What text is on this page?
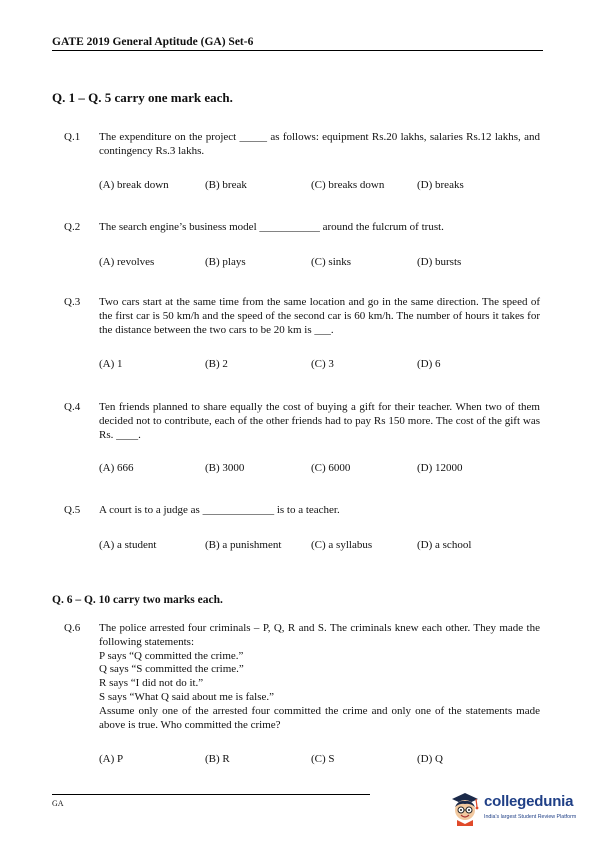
GATE 2019 General Aptitude (GA) Set-6
Q. 1 – Q. 5 carry one mark each.
Q.1 The expenditure on the project _____ as follows: equipment Rs.20 lakhs, salaries Rs.12 lakhs, and contingency Rs.3 lakhs.
(A) break down	(B) break	(C) breaks down	(D) breaks
Q.2 The search engine’s business model ___________ around the fulcrum of trust.
(A) revolves	(B) plays	(C) sinks	(D) bursts
Q.3 Two cars start at the same time from the same location and go in the same direction. The speed of the first car is 50 km/h and the speed of the second car is 60 km/h. The number of hours it takes for the distance between the two cars to be 20 km is ___.
(A) 1	(B) 2	(C) 3	(D) 6
Q.4 Ten friends planned to share equally the cost of buying a gift for their teacher. When two of them decided not to contribute, each of the other friends had to pay Rs 150 more. The cost of the gift was Rs. ____.
(A) 666	(B) 3000	(C) 6000	(D) 12000
Q.5 A court is to a judge as _____________ is to a teacher.
(A) a student	(B) a punishment	(C) a syllabus	(D) a school
Q. 6 – Q. 10 carry two marks each.
Q.6 The police arrested four criminals – P, Q, R and S. The criminals knew each other. They made the following statements:
P says “Q committed the crime.”
Q says “S committed the crime.”
R says “I did not do it.”
S says “What Q said about me is false.”
Assume only one of the arrested four committed the crime and only one of the statements made above is true. Who committed the crime?
(A) P	(B) R	(C) S	(D) Q
GA	collegedunia
India's largest Student Review Platform
